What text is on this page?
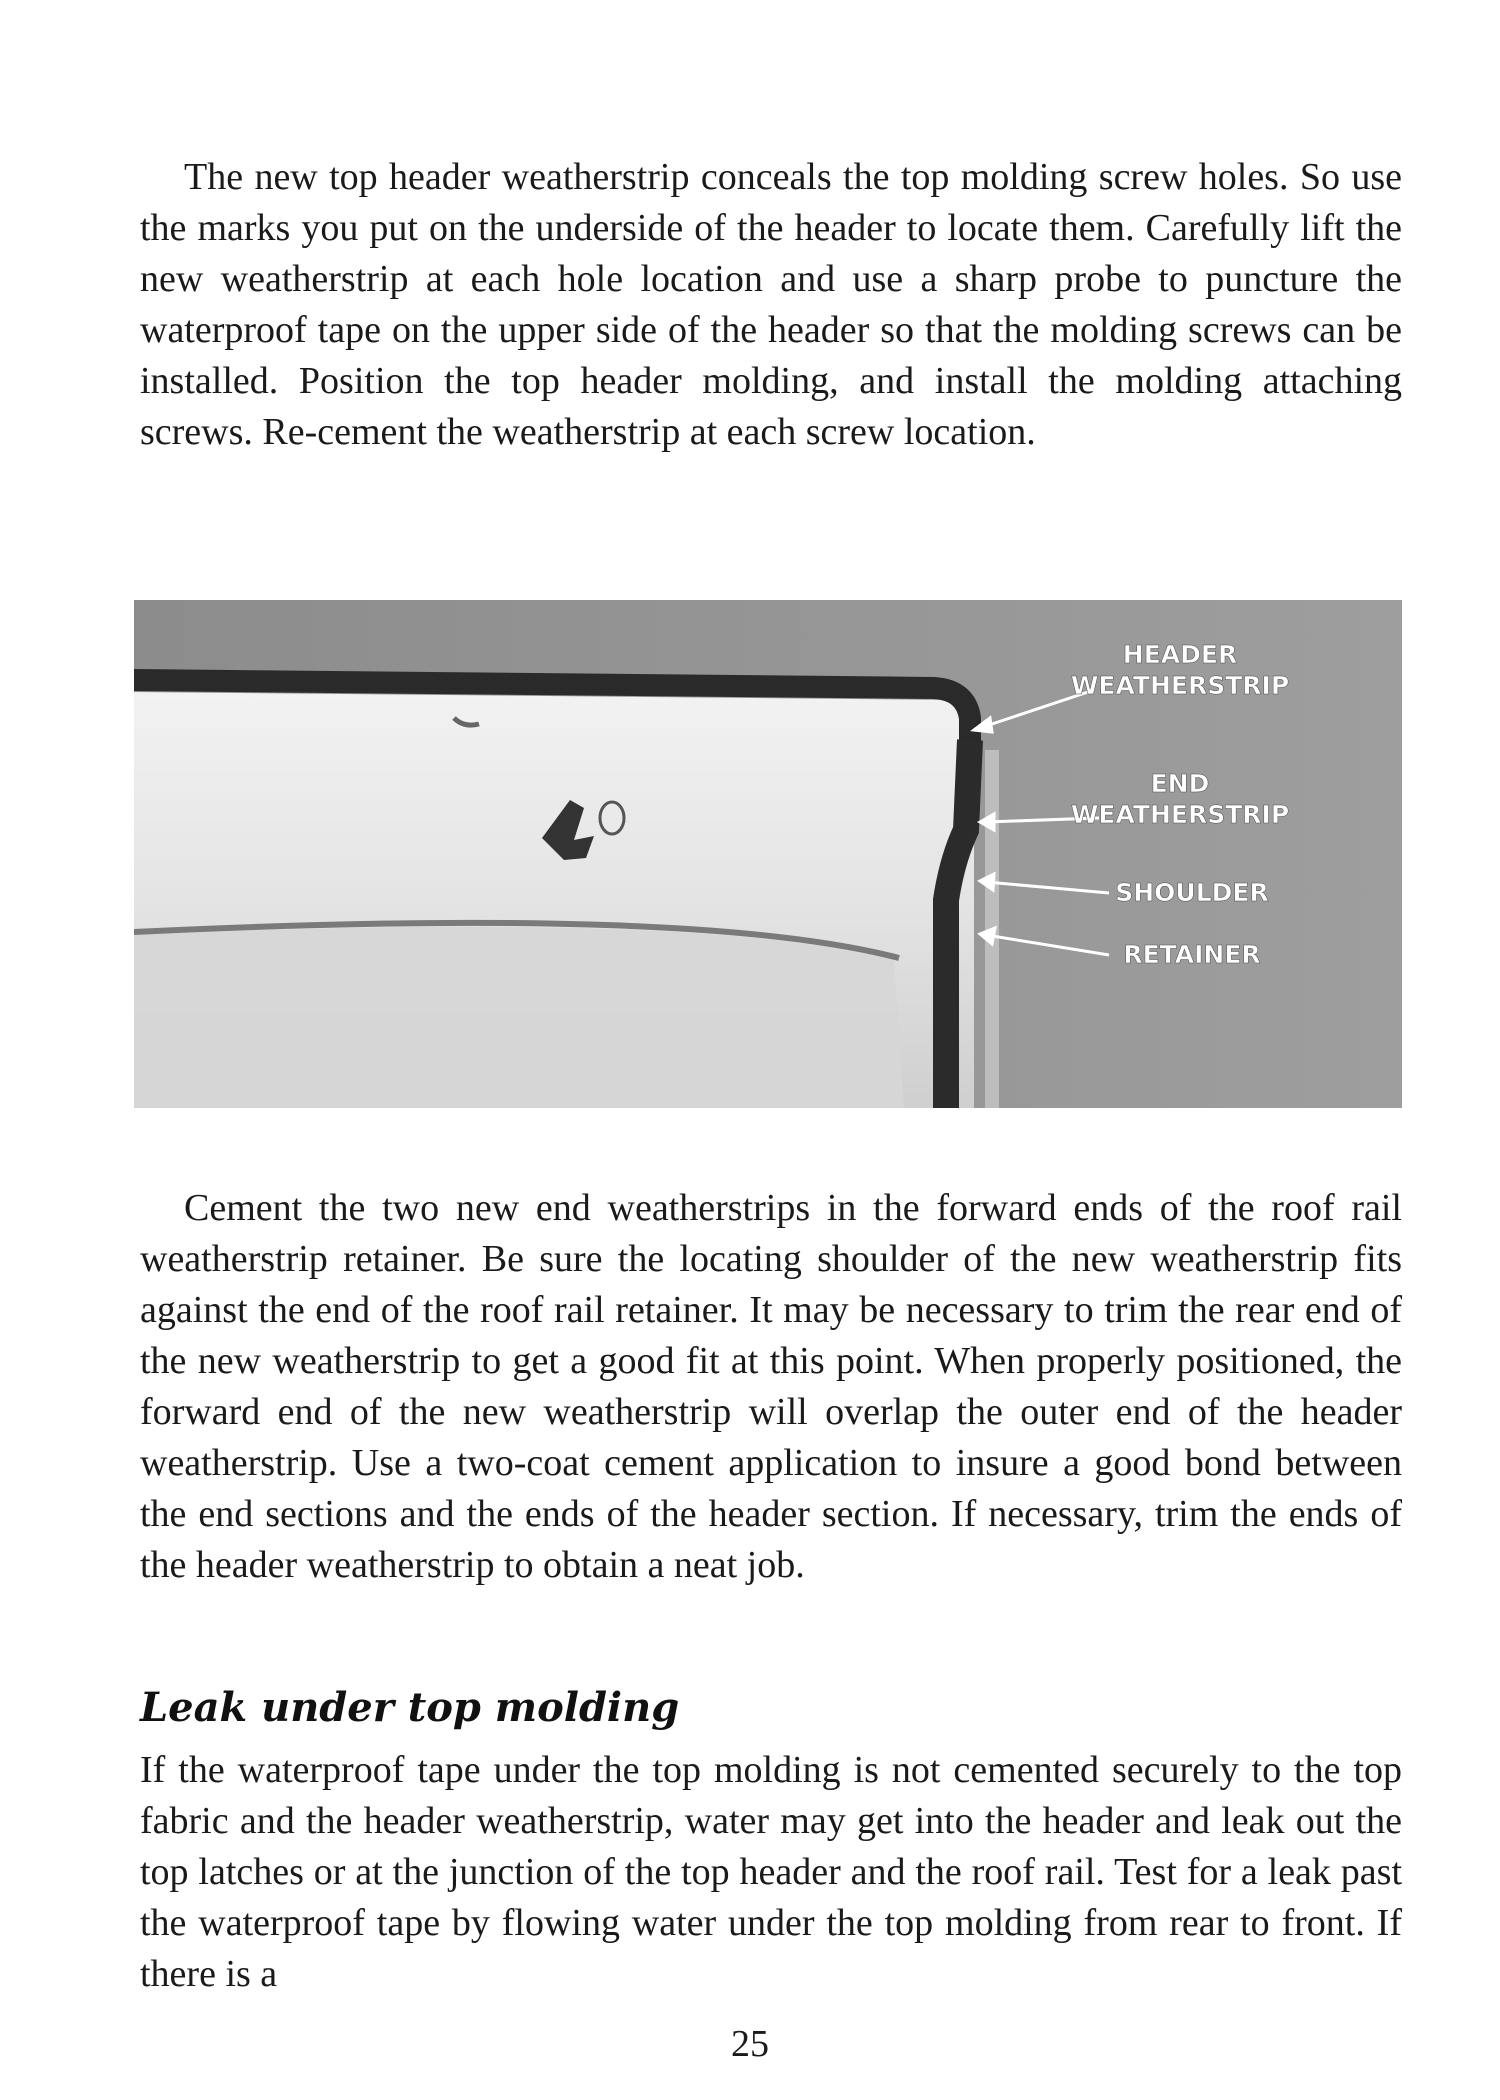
The new top header weatherstrip conceals the top molding screw holes. So use the marks you put on the underside of the header to locate them. Carefully lift the new weatherstrip at each hole location and use a sharp probe to puncture the waterproof tape on the upper side of the header so that the molding screws can be installed. Position the top header molding, and install the molding attaching screws. Re-cement the weatherstrip at each screw location.

HEADER
WEATHERSTRIP
END
WEATHERSTRIP
SHOULDER
RETAINER

Cement the two new end weatherstrips in the forward ends of the roof rail weatherstrip retainer. Be sure the locating shoulder of the new weatherstrip fits against the end of the roof rail retainer. It may be necessary to trim the rear end of the new weatherstrip to get a good fit at this point. When properly positioned, the forward end of the new weatherstrip will overlap the outer end of the header weatherstrip. Use a two-coat cement application to insure a good bond between the end sections and the ends of the header section. If necessary, trim the ends of the header weatherstrip to obtain a neat job.

Leak under top molding

If the waterproof tape under the top molding is not cemented securely to the top fabric and the header weatherstrip, water may get into the header and leak out the top latches or at the junction of the top header and the roof rail. Test for a leak past the waterproof tape by flowing water under the top molding from rear to front. If there is a

25
